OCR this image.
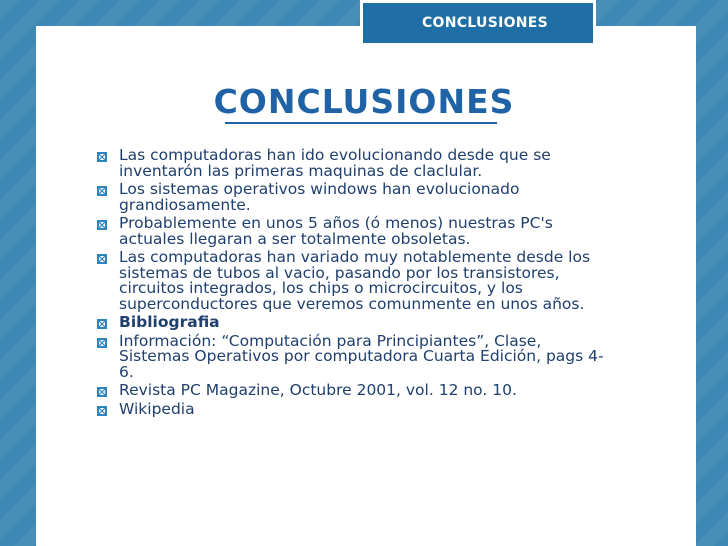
CONCLUSIONES
CONCLUSIONES
Las computadoras han ido evolucionando desde que se inventarón las primeras maquinas de claclular.
Los sistemas operativos windows han evolucionado grandiosamente.
Probablemente en unos 5 años (ó menos) nuestras PC's actuales llegaran a ser totalmente obsoletas.
Las computadoras han variado muy notablemente desde los sistemas de tubos al vacio, pasando por los transistores, circuitos integrados, los chips o microcircuitos, y los superconductores que veremos comunmente en unos años.
Bibliografia
Información: “Computación para Principiantes”, Clase, Sistemas Operativos por computadora Cuarta Edición, pags 4-6.
Revista PC Magazine, Octubre 2001, vol. 12 no. 10.
Wikipedia
